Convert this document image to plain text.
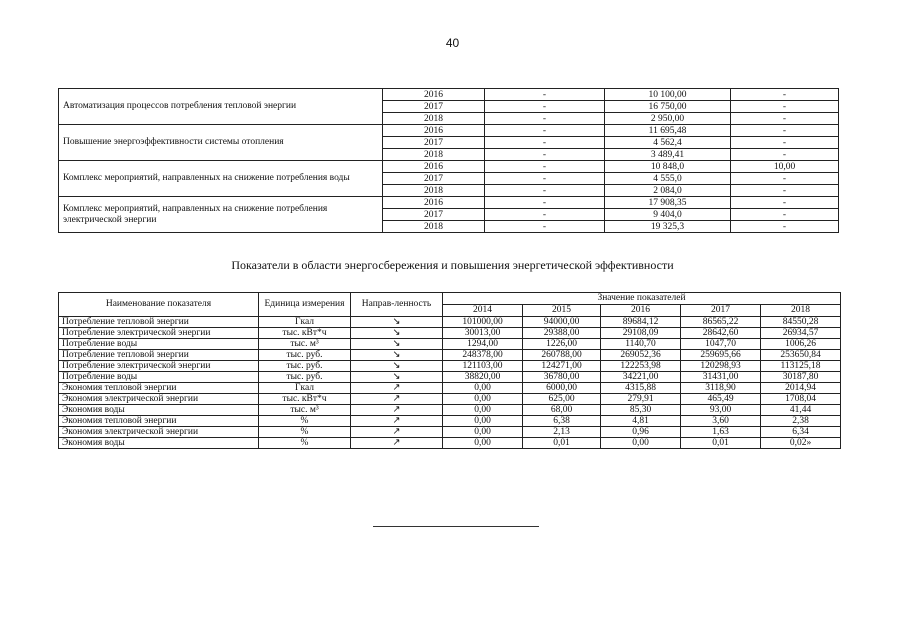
40
Автоматизация процессов потребления тепловой энергии	2016	-	10 100,00	-
	2017	-	16 750,00	-
	2018	-	2 950,00	-
Повышение энергоэффективности системы отопления	2016	-	11 695,48	-
	2017	-	4 562,4	-
	2018	-	3 489,41	-
Комплекс мероприятий, направленных на снижение потребления воды	2016	-	10 848,0	10,00
	2017	-	4 555,0	-
	2018	-	2 084,0	-
Комплекс мероприятий, направленных на снижение потребления электрической энергии	2016	-	17 908,35	-
	2017	-	9 404,0	-
	2018	-	19 325,3	-
Показатели в области энергосбережения и повышения энергетической эффективности
Наименование показателя	Единица измерения	Направ-ленность	Значение показателей				
			2014	2015	2016	2017	2018
Потребление тепловой энергии	Гкал	↘	101000,00	94000,00	89684,12	86565,22	84550,28
Потребление электрической энергии	тыс. кВт*ч	↘	30013,00	29388,00	29108,09	28642,60	26934,57
Потребление воды	тыс. м³	↘	1294,00	1226,00	1140,70	1047,70	1006,26
Потребление тепловой энергии	тыс. руб.	↘	248378,00	260788,00	269052,36	259695,66	253650,84
Потребление электрической энергии	тыс. руб.	↘	121103,00	124271,00	122253,98	120298,93	113125,18
Потребление воды	тыс. руб.	↘	38820,00	36780,00	34221,00	31431,00	30187,80
Экономия тепловой энергии	Гкал	↗	0,00	6000,00	4315,88	3118,90	2014,94
Экономия электрической энергии	тыс. кВт*ч	↗	0,00	625,00	279,91	465,49	1708,04
Экономия воды	тыс. м³	↗	0,00	68,00	85,30	93,00	41,44
Экономия тепловой энергии	%	↗	0,00	6,38	4,81	3,60	2,38
Экономия электрической энергии	%	↗	0,00	2,13	0,96	1,63	6,34
Экономия воды	%	↗	0,00	0,01	0,00	0,01	0,02»
